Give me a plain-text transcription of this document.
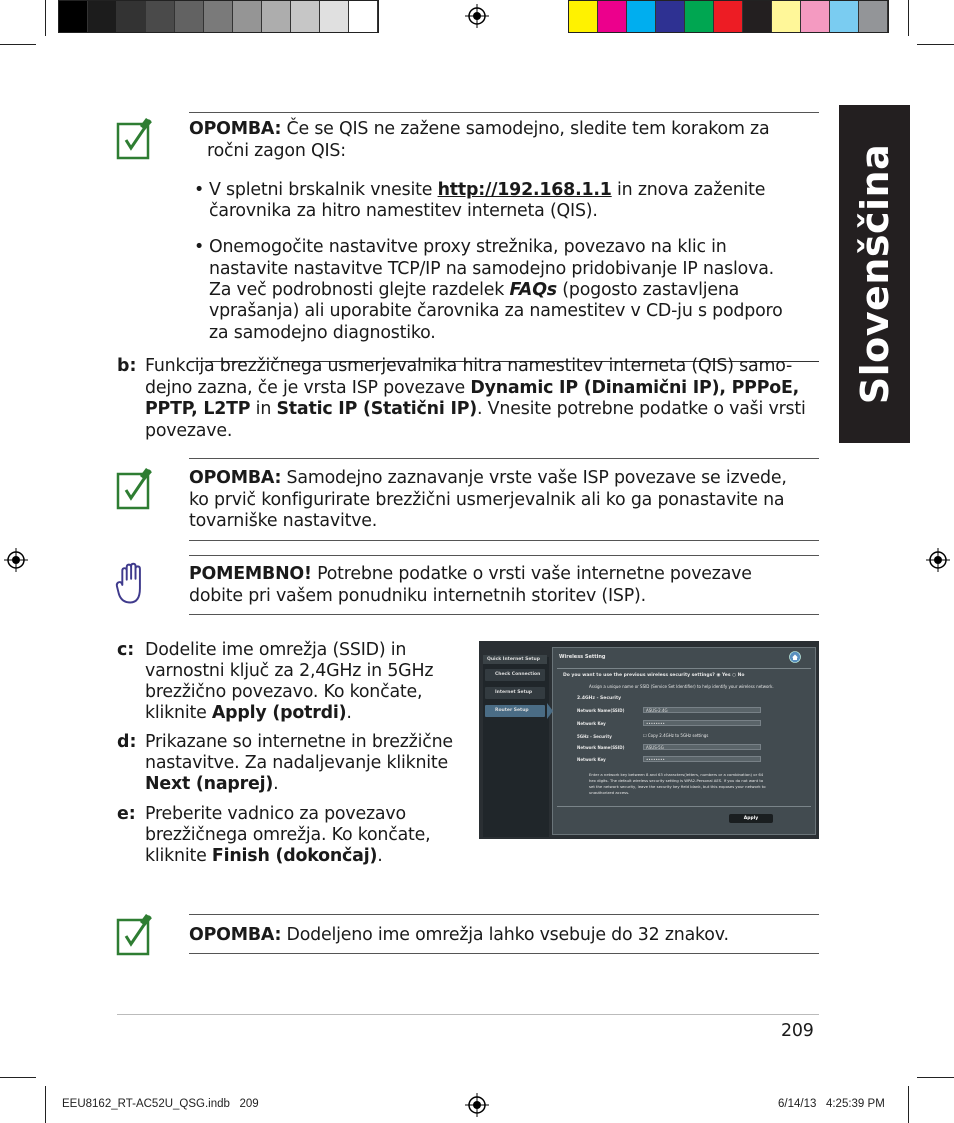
Slovenščina
OPOMBA: Če se QIS ne zažene samodejno, sledite tem korakom za
ročni zagon QIS:
• V spletni brskalnik vnesite http://192.168.1.1 in znova zaženite
čarovnika za hitro namestitev interneta (QIS).
• Onemogočite nastavitve proxy strežnika, povezavo na klic in
nastavite nastavitve TCP/IP na samodejno pridobivanje IP naslova.
Za več podrobnosti glejte razdelek FAQs (pogosto zastavljena
vprašanja) ali uporabite čarovnika za namestitev v CD-ju s podporo
za samodejno diagnostiko.
b: Funkcija brezžičnega usmerjevalnika hitra namestitev interneta (QIS) samo-
dejno zazna, če je vrsta ISP povezave Dynamic IP (Dinamični IP), PPPoE,
PPTP, L2TP in Static IP (Statični IP). Vnesite potrebne podatke o vaši vrsti
povezave.
OPOMBA: Samodejno zaznavanje vrste vaše ISP povezave se izvede,
ko prvič konfigurirate brezžični usmerjevalnik ali ko ga ponastavite na
tovarniške nastavitve.
POMEMBNO! Potrebne podatke o vrsti vaše internetne povezave
dobite pri vašem ponudniku internetnih storitev (ISP).
c: Dodelite ime omrežja (SSID) in
varnostni ključ za 2,4GHz in 5GHz
brezžično povezavo. Ko končate,
kliknite Apply (potrdi).
d: Prikazane so internetne in brezžične
nastavitve. Za nadaljevanje kliknite
Next (naprej).
e: Preberite vadnico za povezavo
brezžičnega omrežja. Ko končate,
kliknite Finish (dokončaj).
Quick Internet Setup
Check Connection
Internet Setup
Router Setup
Wireless Setting
Do you want to use the previous wireless security settings? ◉ Yes ○ No
Assign a unique name or SSID (Service Set Identifier) to help identify your wireless network.
2.4GHz - Security
Network Name(SSID)	ASUS-2.4G
Network Key	••••••••
5GHz - Security	☐ Copy 2.4GHz to 5GHz settings
Network Name(SSID)	ASUS-5G
Network Key	••••••••
Enter a network key between 8 and 63 characters(letters, numbers or a combination) or 64
hex digits. The default wireless security setting is WPA2-Personal AES. If you do not want to
set the network security, leave the security key field blank, but this exposes your network to
unauthorized access.
Apply
OPOMBA: Dodeljeno ime omrežja lahko vsebuje do 32 znakov.
209
EEU8162_RT-AC52U_QSG.indb   209	6/14/13   4:25:39 PM
